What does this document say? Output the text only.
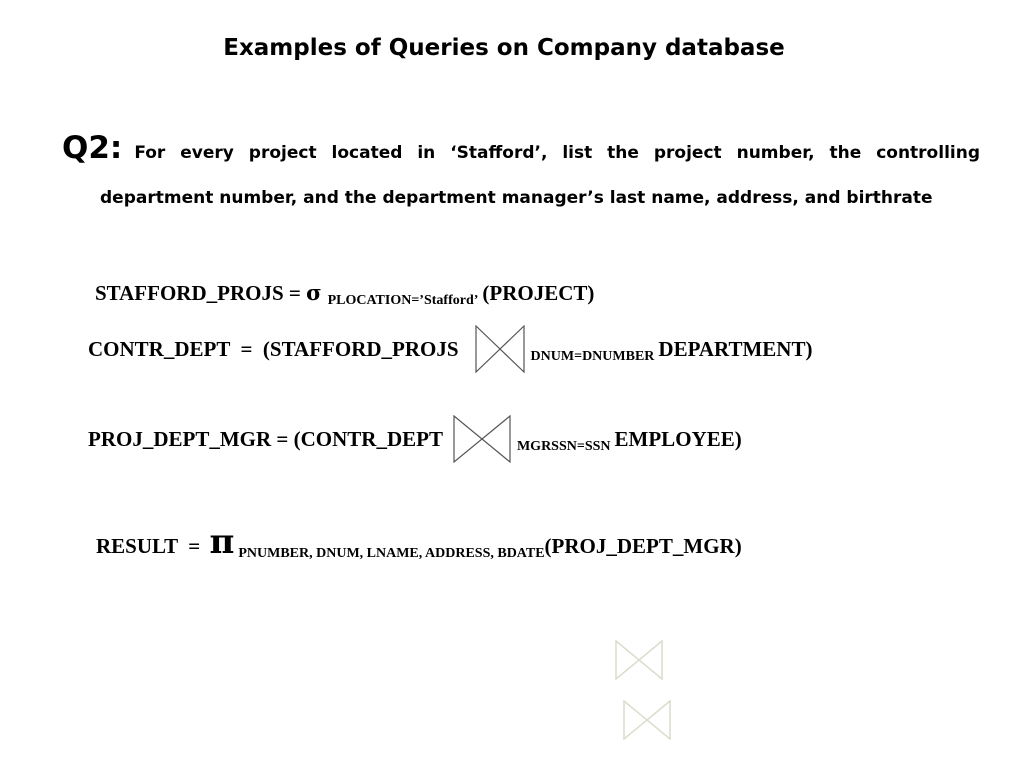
Examples of Queries on Company database
Q2: For every project located in ‘Stafford’, list the project number, the controlling
department number, and the department manager’s last name, address, and birthrate
STAFFORD_PROJS = σ PLOCATION=’Stafford’ (PROJECT)
CONTR_DEPT  =  (STAFFORD_PROJS	DNUM=DNUMBER DEPARTMENT)
PROJ_DEPT_MGR = (CONTR_DEPT	MGRSSN=SSN EMPLOYEE)
RESULT  = π PNUMBER, DNUM, LNAME, ADDRESS, BDATE (PROJ_DEPT_MGR)
